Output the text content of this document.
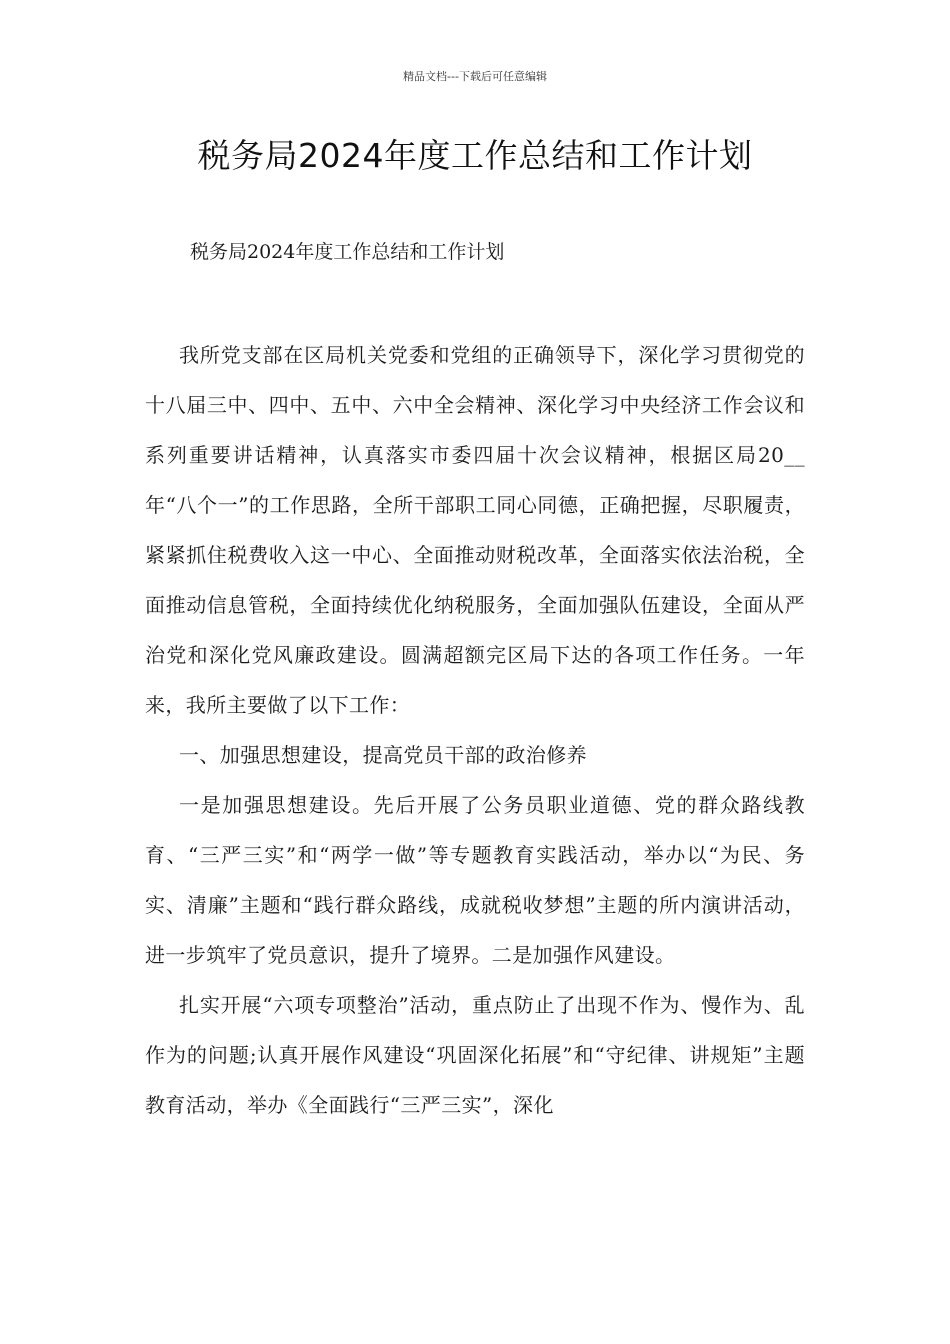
精品文档---下载后可任意编辑
税务局2024年度工作总结和工作计划
税务局2024年度工作总结和工作计划

我所党支部在区局机关党委和党组的正确领导下，深化学习贯彻党的十八届三中、四中、五中、六中全会精神、深化学习中央经济工作会议和系列重要讲话精神，认真落实市委四届十次会议精神，根据区局20__年“八个一”的工作思路，全所干部职工同心同德，正确把握，尽职履责，紧紧抓住税费收入这一中心、全面推动财税改革，全面落实依法治税，全面推动信息管税，全面持续优化纳税服务，全面加强队伍建设，全面从严治党和深化党风廉政建设。圆满超额完区局下达的各项工作任务。一年来，我所主要做了以下工作：

一、加强思想建设，提高党员干部的政治修养

一是加强思想建设。先后开展了公务员职业道德、党的群众路线教育、“三严三实”和“两学一做”等专题教育实践活动，举办以“为民、务实、清廉”主题和“践行群众路线，成就税收梦想”主题的所内演讲活动，进一步筑牢了党员意识，提升了境界。二是加强作风建设。

扎实开展“六项专项整治”活动，重点防止了出现不作为、慢作为、乱作为的问题;认真开展作风建设“巩固深化拓展”和“守纪律、讲规矩”主题教育活动，举办《全面践行“三严三实”，深化
